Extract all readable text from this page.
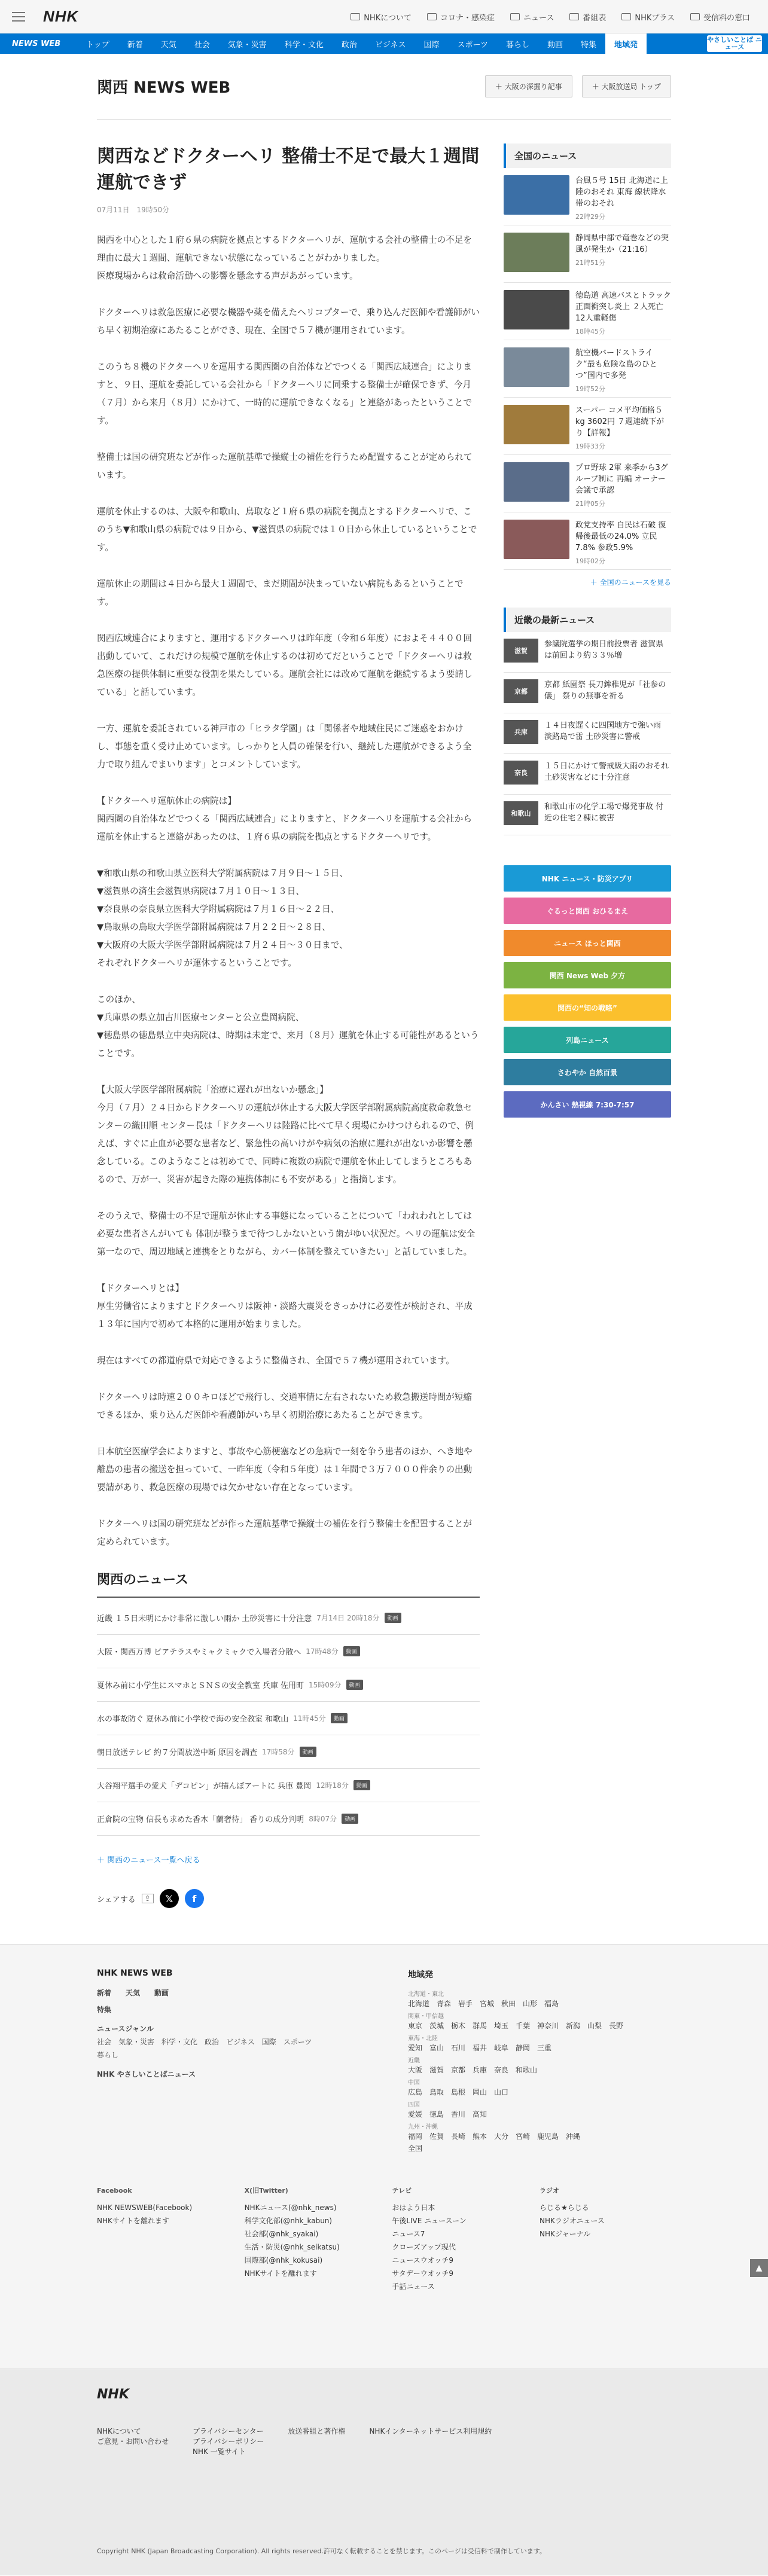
NHK	NHKについて	コロナ・感染症	ニュース	番組表	NHKプラス	受信料の窓口
NEWS WEB	トップ	新着	天気	社会	気象・災害	科学・文化	政治	ビジネス	国際	スポーツ	暮らし	動画	特集	地域発
やさしいことば ニュース
関西 NEWS WEB	＋ 大阪の深掘り記事	＋ 大阪放送局 トップ
関西などドクターヘリ 整備士不足で最大１週間運航できず
07月11日　19時50分

関西を中心とした１府６県の病院を拠点とするドクターヘリが、運航する会社の整備士の不足を理由に最大１週間、運航できない状態になっていることがわかりました。
医療現場からは救命活動への影響を懸念する声があがっています。

ドクターヘリは救急医療に必要な機器や薬を備えたヘリコプターで、乗り込んだ医師や看護師がいち早く初期治療にあたることができ、現在、全国で５７機が運用されています。

このうち８機のドクターヘリを運用する関西圏の自治体などでつくる「関西広域連合」によりますと、９日、運航を委託している会社から「ドクターヘリに同乗する整備士が確保できず、今月（７月）から来月（８月）にかけて、一時的に運航できなくなる」と連絡があったということです。

整備士は国の研究班などが作った運航基準で操縦士の補佐を行うため配置することが定められています。

運航を休止するのは、大阪や和歌山、鳥取など１府６県の病院を拠点とするドクターヘリで、このうち▼和歌山県の病院では９日から、▼滋賀県の病院では１０日から休止しているということです。

運航休止の期間は４日から最大１週間で、まだ期間が決まっていない病院もあるということです。

関西広域連合によりますと、運用するドクターヘリは昨年度（令和６年度）におよそ４４００回出動していて、これだけの規模で運航を休止するのは初めてだということで「ドクターヘリは救急医療の提供体制に重要な役割を果たしている。運航会社には改めて運航を継続するよう要請している」と話しています。

一方、運航を委託されている神戸市の「ヒラタ学園」は「関係者や地域住民にご迷惑をおかけし、事態を重く受け止めています。しっかりと人員の確保を行い、継続した運航ができるよう全力で取り組んでまいります」とコメントしています。

【ドクターヘリ運航休止の病院は】
関西圏の自治体などでつくる「関西広域連合」によりますと、ドクターヘリを運航する会社から運航を休止すると連絡があったのは、１府６県の病院を拠点とするドクターヘリです。

▼和歌山県の和歌山県立医科大学附属病院は７月９日～１５日、
▼滋賀県の済生会滋賀県病院は７月１０日～１３日、
▼奈良県の奈良県立医科大学附属病院は７月１６日～２２日、
▼鳥取県の鳥取大学医学部附属病院は７月２２日～２８日、
▼大阪府の大阪大学医学部附属病院は７月２４日～３０日まで、
それぞれドクターヘリが運休するということです。

このほか、
▼兵庫県の県立加古川医療センターと公立豊岡病院、
▼徳島県の徳島県立中央病院は、時期は未定で、来月（８月）運航を休止する可能性があるということです。

【大阪大学医学部附属病院「治療に遅れが出ないか懸念」】
今月（７月）２４日からドクターヘリの運航が休止する大阪大学医学部附属病院高度救命救急センターの織田順 センター長は「ドクターヘリは陸路に比べて早く現場にかけつけられるので、例えば、すぐに止血が必要な患者など、緊急性の高いけがや病気の治療に遅れが出ないか影響を懸念している。このようなことは初めてで、同時に複数の病院で運航を休止してしまうところもあるので、万が一、災害が起きた際の連携体制にも不安がある」と指摘します。

そのうえで、整備士の不足で運航が休止する事態になっていることについて「われわれとしては必要な患者さんがいても 体制が整うまで待つしかないという歯がゆい状況だ。ヘリの運航は安全第一なので、周辺地域と連携をとりながら、カバー体制を整えていきたい」と話していました。

【ドクターヘリとは】
厚生労働省によりますとドクターヘリは阪神・淡路大震災をきっかけに必要性が検討され、平成１３年に国内で初めて本格的に運用が始まりました。

現在はすべての都道府県で対応できるように整備され、全国で５７機が運用されています。

ドクターヘリは時速２００キロほどで飛行し、交通事情に左右されないため救急搬送時間が短縮できるほか、乗り込んだ医師や看護師がいち早く初期治療にあたることができます。

日本航空医療学会によりますと、事故や心筋梗塞などの急病で一刻を争う患者のほか、へき地や離島の患者の搬送を担っていて、一昨年度（令和５年度）は１年間で３万７０００件余りの出動要請があり、救急医療の現場では欠かせない存在となっています。

ドクターヘリは国の研究班などが作った運航基準で操縦士の補佐を行う整備士を配置することが定められています。

関西のニュース
近畿 １５日未明にかけ非常に激しい雨か 土砂災害に十分注意 7月14日 20時18分	動画
大阪・関西万博 ビアテラスやミャクミャクで入場者分散へ 17時48分	動画
夏休み前に小学生にスマホとＳＮＳの安全教室 兵庫 佐用町 15時09分	動画
水の事故防ぐ 夏休み前に小学校で海の安全教室 和歌山 11時45分	動画
朝日放送テレビ 約７分間放送中断 原因を調査 17時58分	動画
大谷翔平選手の愛犬「デコピン」が描んぼアートに 兵庫 豊岡 12時18分	動画
正倉院の宝物 信長も求めた香木「蘭奢待」 香りの成分判明 8時07分	動画
＋ 関西のニュース一覧へ戻る
シェアする	⇪	𝕏	f
全国のニュース
台風５号 15日 北海道に上陸のおそれ 東海 線状降水帯のおそれ
22時29分
静岡県中部で竜巻などの突風が発生か（21:16）
21時51分
徳島道 高速バスとトラック正面衝突し炎上 ２人死亡 12人重軽傷
18時45分
航空機バードストライク“最も危険な島のひとつ”国内で多発
19時52分
スーパー コメ平均価格５kg 3602円 ７週連続下がり【詳報】
19時33分
プロ野球 2軍 来季から3グループ制に 再編 オーナー会議で承認
21時05分
政党支持率 自民は石破 復帰後最低の24.0% 立民 7.8% 参政5.9%
19時02分
＋ 全国のニュースを見る
近畿の最新ニュース
滋賀
参議院選挙の期日前投票者 滋賀県は前回より約３３％増
京都
京都 紙園祭 長刀鉾稚児が「社参の儀」 祭りの無事を祈る
兵庫
１４日夜遅くに四国地方で強い雨 淡路島で雷 土砂災害に警戒
奈良
１５日にかけて警戒級大雨のおそれ 土砂災害などに十分注意
和歌山
和歌山市の化学工場で爆発事故 付近の住宅２棟に被害
NHK ニュース・防災アプリ
ぐるっと関西 おひるまえ
ニュース ほっと関西
関西 News Web 夕方
関西の“知の戦略”
列島ニュース
さわやか 自然百景
かんさい 熱視線 7:30-7:57
NHK NEWS WEB
新着 天気 動画
特集
ニュースジャンル
社会 気象・災害 科学・文化 政治 ビジネス 国際 スポーツ
暮らし
NHK やさしいことばニュース
地域発
北海道・東北
北海道　青森　岩手　宮城　秋田　山形　福島
関東・甲信越
東京　茨城　栃木　群馬　埼玉　千葉　神奈川　新潟　山梨　長野
東海・北陸
愛知　富山　石川　福井　岐阜　静岡　三重
近畿
大阪　滋賀　京都　兵庫　奈良　和歌山
中国
広島　鳥取　島根　岡山　山口
四国
愛媛　徳島　香川　高知
九州・沖縄
福岡　佐賀　長崎　熊本　大分　宮崎　鹿児島　沖縄
全国
Facebook
NHK NEWSWEB(Facebook)
NHKサイトを離れます
X(旧Twitter)
NHKニュース(@nhk_news)
科学文化部(@nhk_kabun)
社会部(@nhk_syakai)
生活・防災(@nhk_seikatsu)
国際部(@nhk_kokusai)
NHKサイトを離れます
テレビ
おはよう日本
午後LIVE ニュースーン
ニュース7
クローズアップ現代
ニュースウオッチ9
サタデーウオッチ9
手話ニュース
ラジオ
らじる★らじる
NHKラジオニュース
NHKジャーナル
NHK
NHKについて
ご意見・お問い合わせ
プライバシーセンター
プライバシーポリシー
NHK 一覧サイト
放送番組と著作権	NHKインターネットサービス利用規約
Copyright NHK (Japan Broadcasting Corporation). All rights reserved.許可なく転載することを禁じます。このページは受信料で制作しています。
▲
